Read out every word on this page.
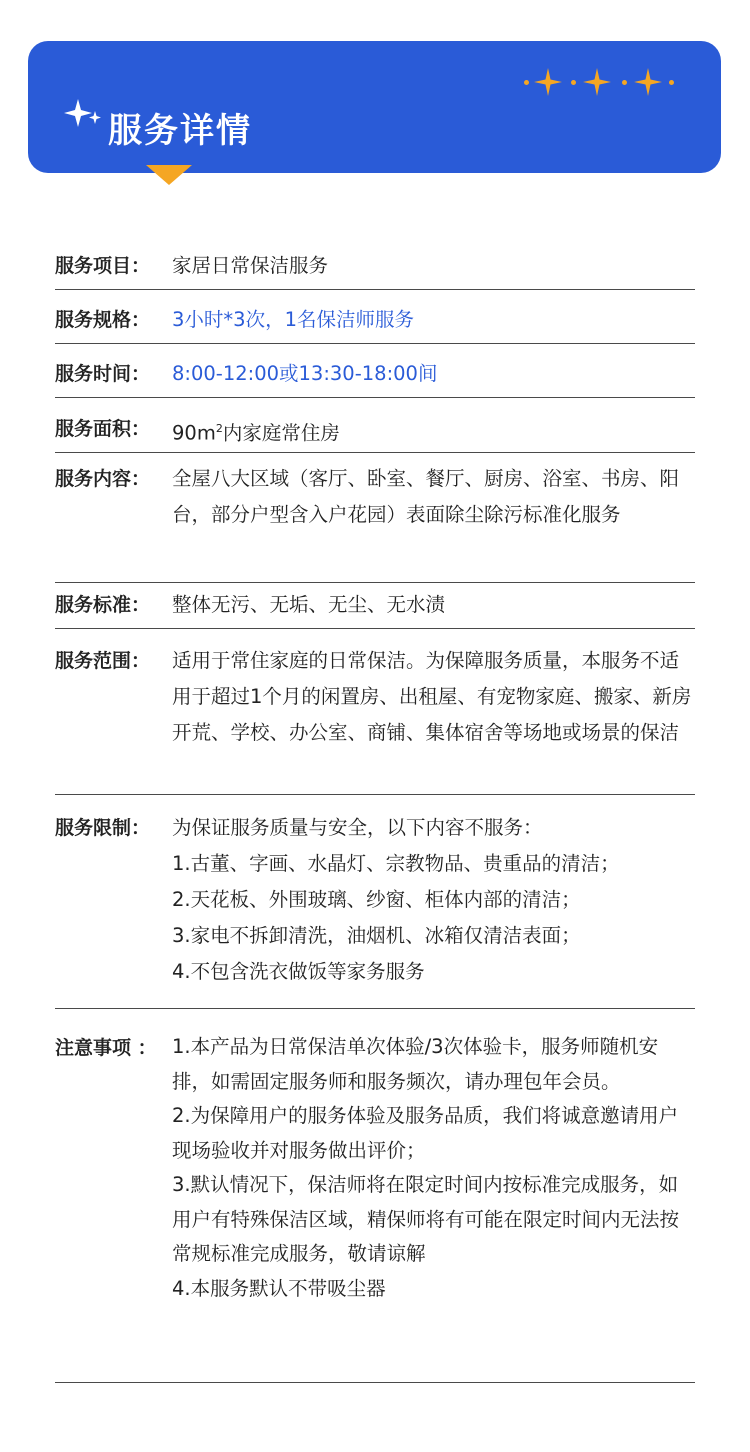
服务详情
服务项目：	家居日常保洁服务
服务规格：	3小时*3次，1名保洁师服务
服务时间：	8:00-12:00或13:30-18:00间
服务面积：	$90m^2$内家庭常住房
服务内容：	全屋八大区域（客厅、卧室、餐厅、厨房、浴室、书房、阳台，部分户型含入户花园）表面除尘除污标准化服务
服务标准：	整体无污、无垢、无尘、无水渍
服务范围：	适用于常住家庭的日常保洁。为保障服务质量，本服务不适用于超过1个月的闲置房、出租屋、有宠物家庭、搬家、新房开荒、学校、办公室、商铺、集体宿舍等场地或场景的保洁
服务限制：	为保证服务质量与安全，以下内容不服务：
1.古董、字画、水晶灯、宗教物品、贵重品的清洁；
2.天花板、外围玻璃、纱窗、柜体内部的清洁；
3.家电不拆卸清洗，油烟机、冰箱仅清洁表面；
4.不包含洗衣做饭等家务服务
注意事项 ： 1.本产品为日常保洁单次体验/3次体验卡，服务师随机安排，如需固定服务师和服务频次，请办理包年会员。
2.为保障用户的服务体验及服务品质，我们将诚意邀请用户现场验收并对服务做出评价；
3.默认情况下，保洁师将在限定时间内按标准完成服务，如用户有特殊保洁区域，精保师将有可能在限定时间内无法按常规标准完成服务，敬请谅解
4.本服务默认不带吸尘器
